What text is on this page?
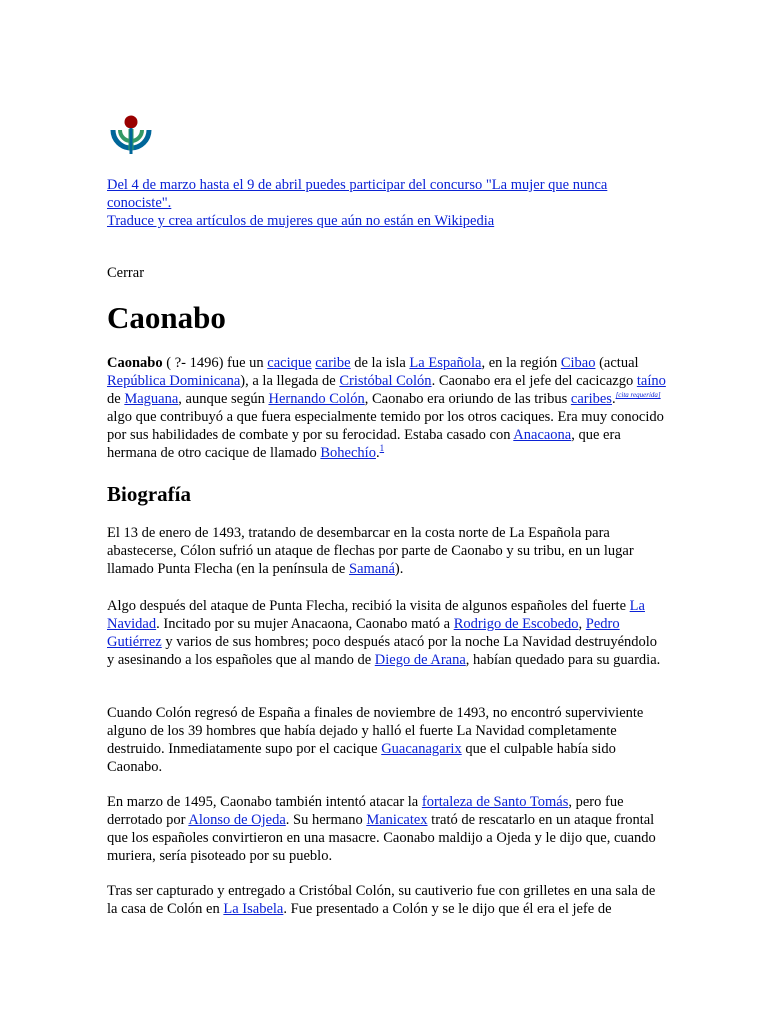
Del 4 de marzo hasta el 9 de abril puedes participar del concurso "La mujer que nunca conociste".
Traduce y crea artículos de mujeres que aún no están en Wikipedia
Cerrar
Caonabo

Caonabo ( ?- 1496) fue un cacique caribe de la isla La Española, en la región Cibao (actual República Dominicana), a la llegada de Cristóbal Colón. Caonabo era el jefe del cacicazgo taíno de Maguana, aunque según Hernando Colón, Caonabo era oriundo de las tribus caribes.[cita requerida] algo que contribuyó a que fuera especialmente temido por los otros caciques. Era muy conocido por sus habilidades de combate y por su ferocidad. Estaba casado con Anacaona, que era hermana de otro cacique de llamado Bohechío.$^1$

Biografía

El 13 de enero de 1493, tratando de desembarcar en la costa norte de La Española para abastecerse, Cólon sufrió un ataque de flechas por parte de Caonabo y su tribu, en un lugar llamado Punta Flecha (en la península de Samaná).

Algo después del ataque de Punta Flecha, recibió la visita de algunos españoles del fuerte La Navidad. Incitado por su mujer Anacaona, Caonabo mató a Rodrigo de Escobedo, Pedro Gutiérrez y varios de sus hombres; poco después atacó por la noche La Navidad destruyéndolo y asesinando a los españoles que al mando de Diego de Arana, habían quedado para su guardia.

Cuando Colón regresó de España a finales de noviembre de 1493, no encontró superviviente alguno de los 39 hombres que había dejado y halló el fuerte La Navidad completamente destruido. Inmediatamente supo por el cacique Guacanagarix que el culpable había sido Caonabo.

En marzo de 1495, Caonabo también intentó atacar la fortaleza de Santo Tomás, pero fue derrotado por Alonso de Ojeda. Su hermano Manicatex trató de rescatarlo en un ataque frontal que los españoles convirtieron en una masacre. Caonabo maldijo a Ojeda y le dijo que, cuando muriera, sería pisoteado por su pueblo.

Tras ser capturado y entregado a Cristóbal Colón, su cautiverio fue con grilletes en una sala de la casa de Colón en La Isabela. Fue presentado a Colón y se le dijo que él era el jefe de
